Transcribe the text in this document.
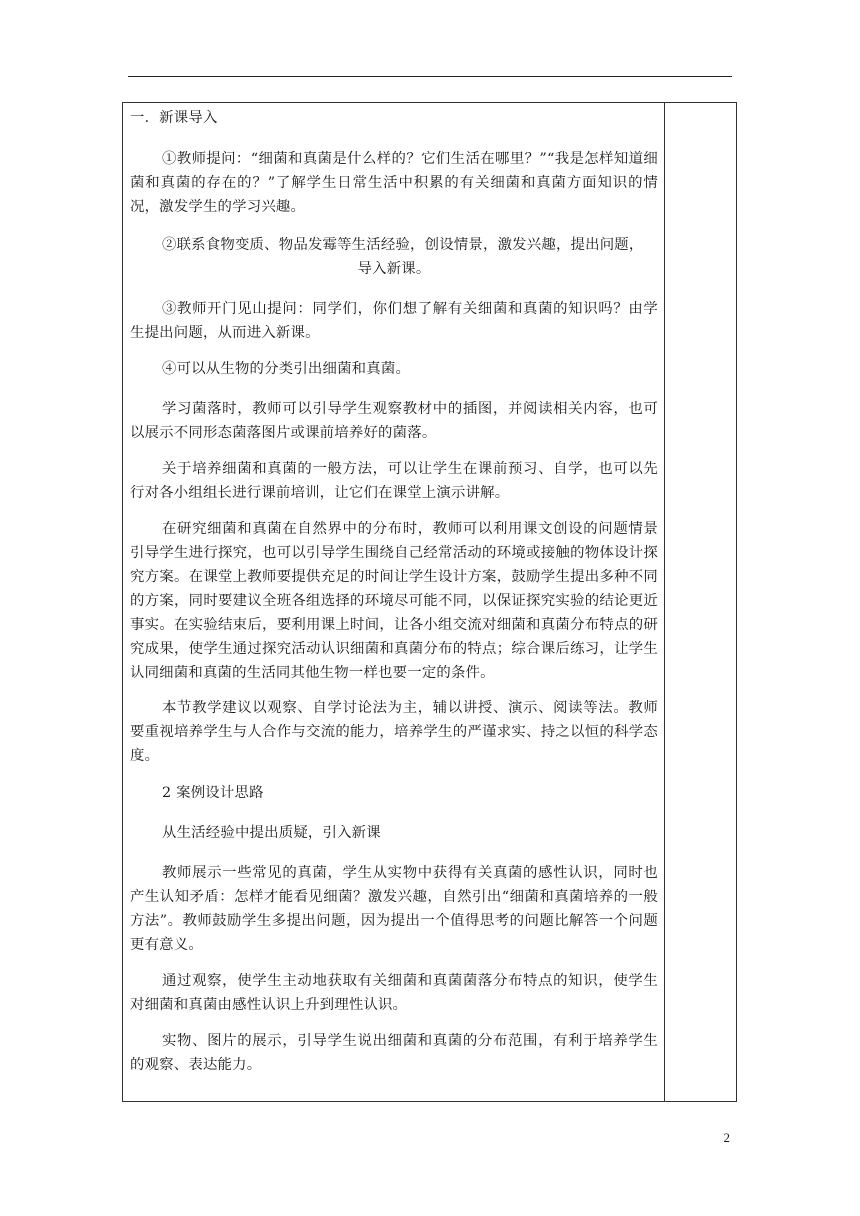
一．新课导入

①教师提问：“细菌和真菌是什么样的？它们生活在哪里？”“我是怎样知道细菌和真菌的存在的？”了解学生日常生活中积累的有关细菌和真菌方面知识的情况，激发学生的学习兴趣。

②联系食物变质、物品发霉等生活经验，创设情景，激发兴趣，提出问题，

导入新课。

③教师开门见山提问：同学们，你们想了解有关细菌和真菌的知识吗？由学生提出问题，从而进入新课。

④可以从生物的分类引出细菌和真菌。

学习菌落时，教师可以引导学生观察教材中的插图，并阅读相关内容，也可以展示不同形态菌落图片或课前培养好的菌落。

关于培养细菌和真菌的一般方法，可以让学生在课前预习、自学，也可以先行对各小组组长进行课前培训，让它们在课堂上演示讲解。

在研究细菌和真菌在自然界中的分布时，教师可以利用课文创设的问题情景引导学生进行探究，也可以引导学生围绕自己经常活动的环境或接触的物体设计探究方案。在课堂上教师要提供充足的时间让学生设计方案，鼓励学生提出多种不同的方案，同时要建议全班各组选择的环境尽可能不同，以保证探究实验的结论更近事实。在实验结束后，要利用课上时间，让各小组交流对细菌和真菌分布特点的研究成果，使学生通过探究活动认识细菌和真菌分布的特点；综合课后练习，让学生认同细菌和真菌的生活同其他生物一样也要一定的条件。

本节教学建议以观察、自学讨论法为主，辅以讲授、演示、阅读等法。教师要重视培养学生与人合作与交流的能力，培养学生的严谨求实、持之以恒的科学态度。

2 案例设计思路

从生活经验中提出质疑，引入新课

教师展示一些常见的真菌，学生从实物中获得有关真菌的感性认识，同时也产生认知矛盾：怎样才能看见细菌？激发兴趣，自然引出“细菌和真菌培养的一般方法”。教师鼓励学生多提出问题，因为提出一个值得思考的问题比解答一个问题更有意义。

通过观察，使学生主动地获取有关细菌和真菌菌落分布特点的知识，使学生对细菌和真菌由感性认识上升到理性认识。

实物、图片的展示，引导学生说出细菌和真菌的分布范围，有利于培养学生的观察、表达能力。

2
